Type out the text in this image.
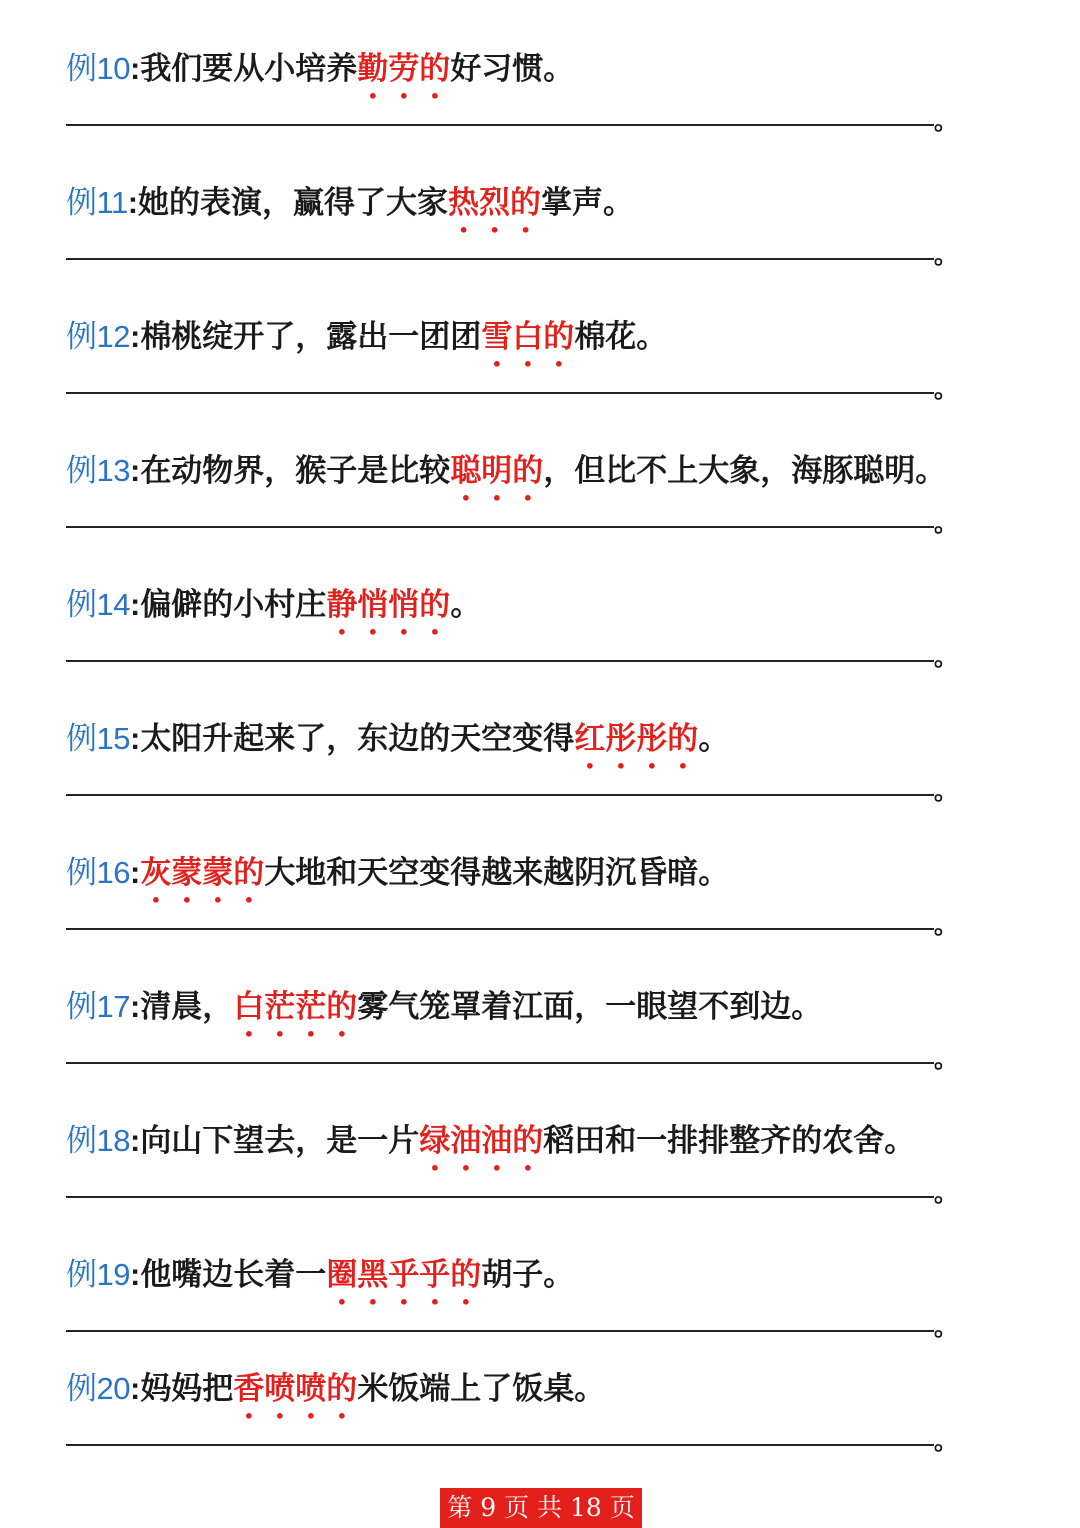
例10:我们要从小培养勤劳的好习惯。
。
例11:她的表演，赢得了大家热烈的掌声。
。
例12:棉桃绽开了，露出一团团雪白的棉花。
。
例13:在动物界，猴子是比较聪明的，但比不上大象，海豚聪明。
。
例14:偏僻的小村庄静悄悄的。
。
例15:太阳升起来了，东边的天空变得红彤彤的。
。
例16:灰蒙蒙的大地和天空变得越来越阴沉昏暗。
。
例17:清晨，白茫茫的雾气笼罩着江面，一眼望不到边。
。
例18:向山下望去，是一片绿油油的稻田和一排排整齐的农舍。
。
例19:他嘴边长着一圈黑乎乎的胡子。
。
例20:妈妈把香喷喷的米饭端上了饭桌。
。
第 9 页 共 18 页
